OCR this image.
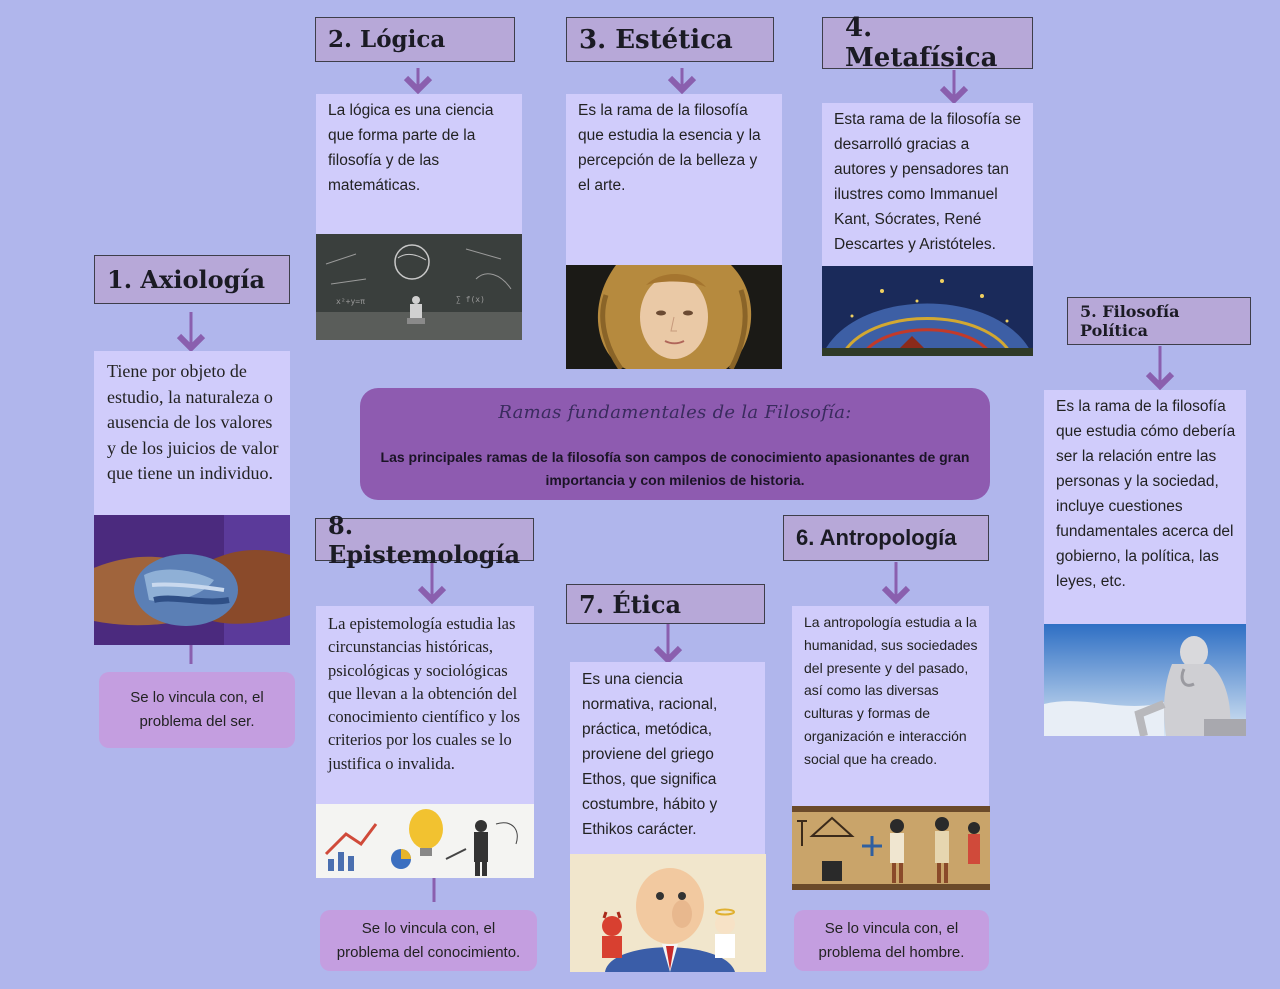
1. Axiología
Tiene por objeto de estudio, la naturaleza o ausencia de los valores y de los juicios de valor que tiene un individuo.
Se lo vincula con, el problema del ser.
2. Lógica
La lógica es una ciencia que forma parte de la filosofía y de las matemáticas.
x²+y=π	∑ f(x)
3. Estética
Es la rama de la filosofía que estudia la esencia y la percepción de la belleza y el arte.
4. Metafísica
Esta rama de la filosofía se desarrolló gracias a autores y pensadores tan ilustres como Immanuel Kant, Sócrates, René Descartes y Aristóteles.
5. Filosofía Política
Es la rama de la filosofía que estudia cómo debería ser la relación entre las personas y la sociedad, incluye cuestiones fundamentales acerca del gobierno, la política, las leyes, etc.
Ramas fundamentales de la Filosofía:
Las principales ramas de la filosofía son campos de conocimiento apasionantes de gran importancia y con milenios de historia.
8. Epistemología
La epistemología estudia las circunstancias históricas, psicológicas y sociológicas que llevan a la obtención del conocimiento científico y los criterios por los cuales se lo justifica o invalida.
Se lo vincula con, el problema del conocimiento.
7. Ética
Es una ciencia normativa, racional, práctica, metódica, proviene del griego Ethos, que significa costumbre, hábito y Ethikos carácter.
6. Antropología
La antropología estudia a la humanidad, sus sociedades del presente y del pasado, así como las diversas culturas y formas de organización e interacción social que ha creado.
Se lo vincula con, el problema del hombre.
